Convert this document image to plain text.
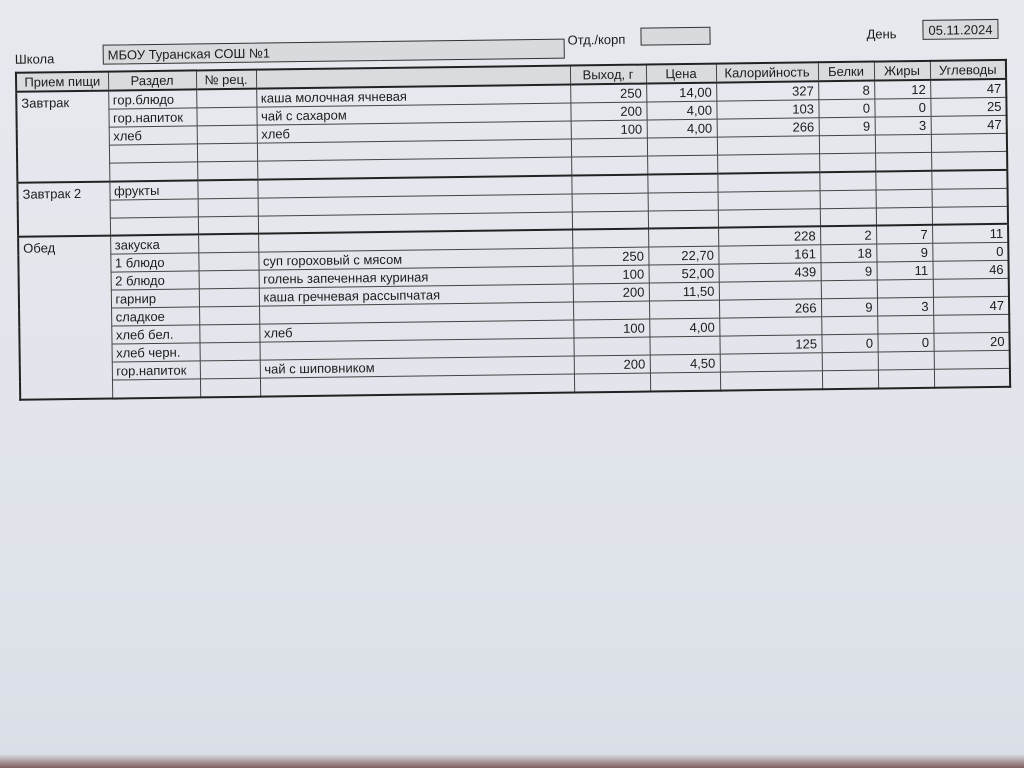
Школа	МБОУ Туранская СОШ №1
Отд./корп	День	05.11.2024
Прием пищи	Раздел	№ рец.		Выход, г	Цена	Калорийность	Белки	Жиры	Углеводы
Завтрак	гор.блюдо		каша молочная ячневая	250	14,00	327	8	12	47
	гор.напиток		чай с сахаром	200	4,00	103	0	0	25
	хлеб		хлеб	100	4,00	266	9	3	47

Завтрак 2	фрукты								

Обед	закуска					228	2	7	11
	1 блюдо		суп гороховый с мясом	250	22,70	161	18	9	0
	2 блюдо		голень запеченная куриная	100	52,00	439	9	11	46
	гарнир		каша гречневая рассыпчатая	200	11,50				
	сладкое					266	9	3	47
	хлеб бел.		хлеб	100	4,00				
	хлеб черн.					125	0	0	20
	гор.напиток		чай с шиповником	200	4,50				
